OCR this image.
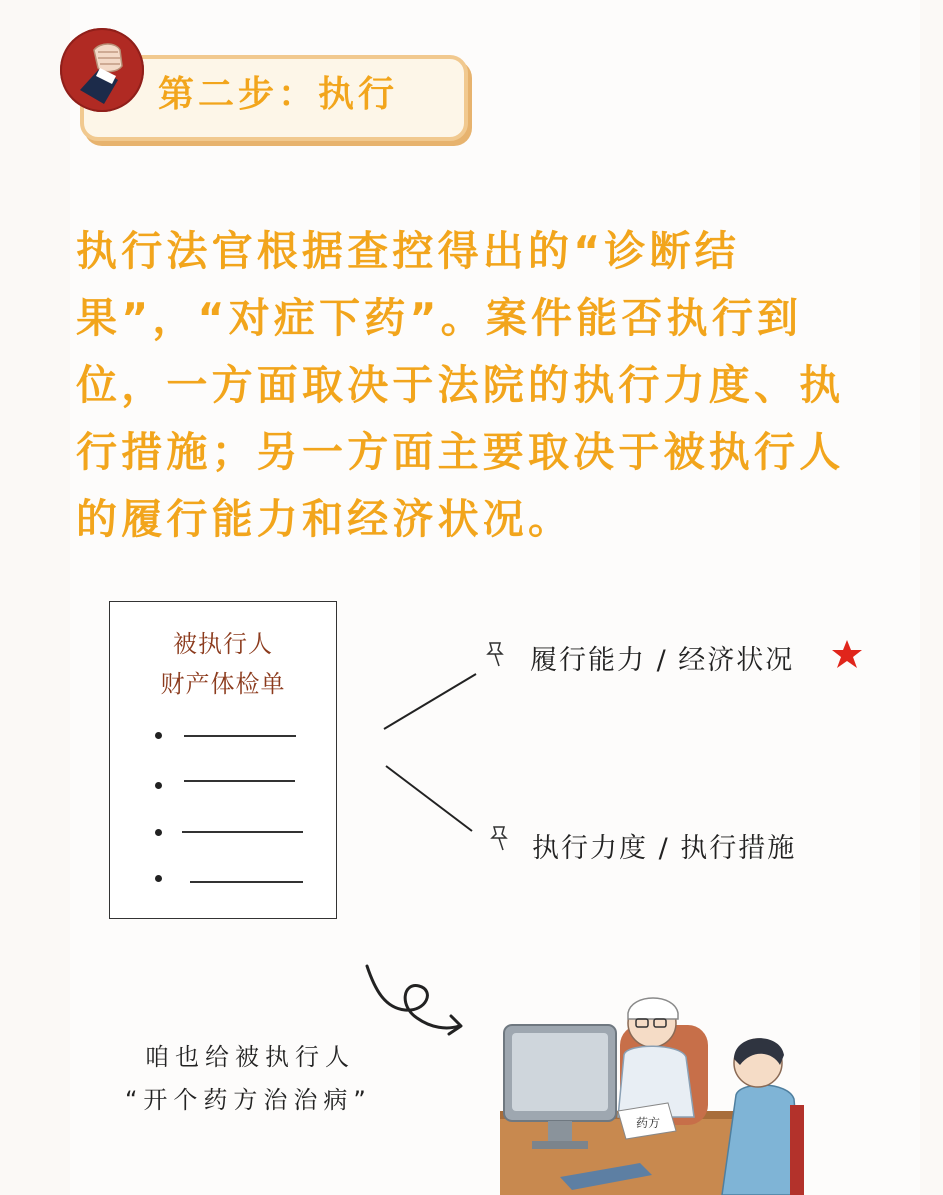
第二步：执行

执行法官根据查控得出的“诊断结果”，“对症下药”。案件能否执行到位，一方面取决于法院的执行力度、执行措施；另一方面主要取决于被执行人的履行能力和经济状况。

被执行人
财产体检单
履行能力 / 经济状况
执行力度 / 执行措施
咱也给被执行人
“开个药方治治病”
药方
